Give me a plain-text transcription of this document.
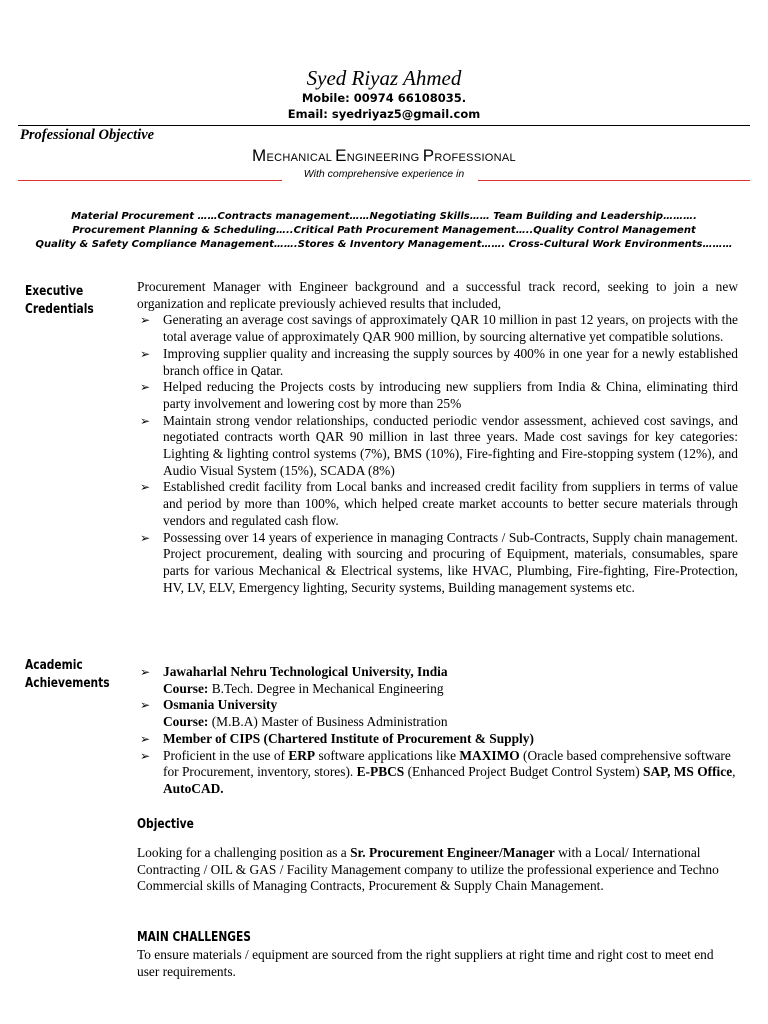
Syed Riyaz Ahmed
Mobile: 00974 66108035.
Email: syedriyaz5@gmail.com
Professional Objective
MECHANICAL ENGINEERING PROFESSIONAL
With comprehensive experience in
Material Procurement ……Contracts management……Negotiating Skills…… Team Building and Leadership……….
Procurement Planning & Scheduling…..Critical Path Procurement Management…..Quality Control Management
Quality & Safety Compliance Management…….Stores & Inventory Management……. Cross-Cultural Work Environments………
Executive
Credentials

Procurement Manager with Engineer background and a successful track record, seeking to join a new organization and replicate previously achieved results that included,

➢ Generating an average cost savings of approximately QAR 10 million in past 12 years, on projects with the total average value of approximately QAR 900 million, by sourcing alternative yet compatible solutions.
➢ Improving supplier quality and increasing the supply sources by 400% in one year for a newly established branch office in Qatar.
➢ Helped reducing the Projects costs by introducing new suppliers from India & China, eliminating third party involvement and lowering cost by more than 25%
➢ Maintain strong vendor relationships, conducted periodic vendor assessment, achieved cost savings, and negotiated contracts worth QAR 90 million in last three years. Made cost savings for key categories: Lighting & lighting control systems (7%), BMS (10%), Fire-fighting and Fire-stopping system (12%), and Audio Visual System (15%), SCADA (8%)
➢ Established credit facility from Local banks and increased credit facility from suppliers in terms of value and period by more than 100%, which helped create market accounts to better secure materials through vendors and regulated cash flow.
➢ Possessing over 14 years of experience in managing Contracts / Sub-Contracts, Supply chain management. Project procurement, dealing with sourcing and procuring of Equipment, materials, consumables, spare parts for various Mechanical & Electrical systems, like HVAC, Plumbing, Fire-fighting, Fire-Protection, HV, LV, ELV, Emergency lighting, Security systems, Building management systems etc.
Academic
Achievements
➢ Jawaharlal Nehru Technological University, India
Course: B.Tech. Degree in Mechanical Engineering
➢ Osmania University
Course: (M.B.A) Master of Business Administration
➢ Member of CIPS (Chartered Institute of Procurement & Supply)
➢ Proficient in the use of ERP software applications like MAXIMO (Oracle based comprehensive software for Procurement, inventory, stores). E-PBCS (Enhanced Project Budget Control System) SAP, MS Office, AutoCAD.
Objective
Looking for a challenging position as a Sr. Procurement Engineer/Manager with a Local/ International Contracting / OIL & GAS / Facility Management company to utilize the professional experience and Techno Commercial skills of Managing Contracts, Procurement & Supply Chain Management.
MAIN CHALLENGES
To ensure materials / equipment are sourced from the right suppliers at right time and right cost to meet end user requirements.
